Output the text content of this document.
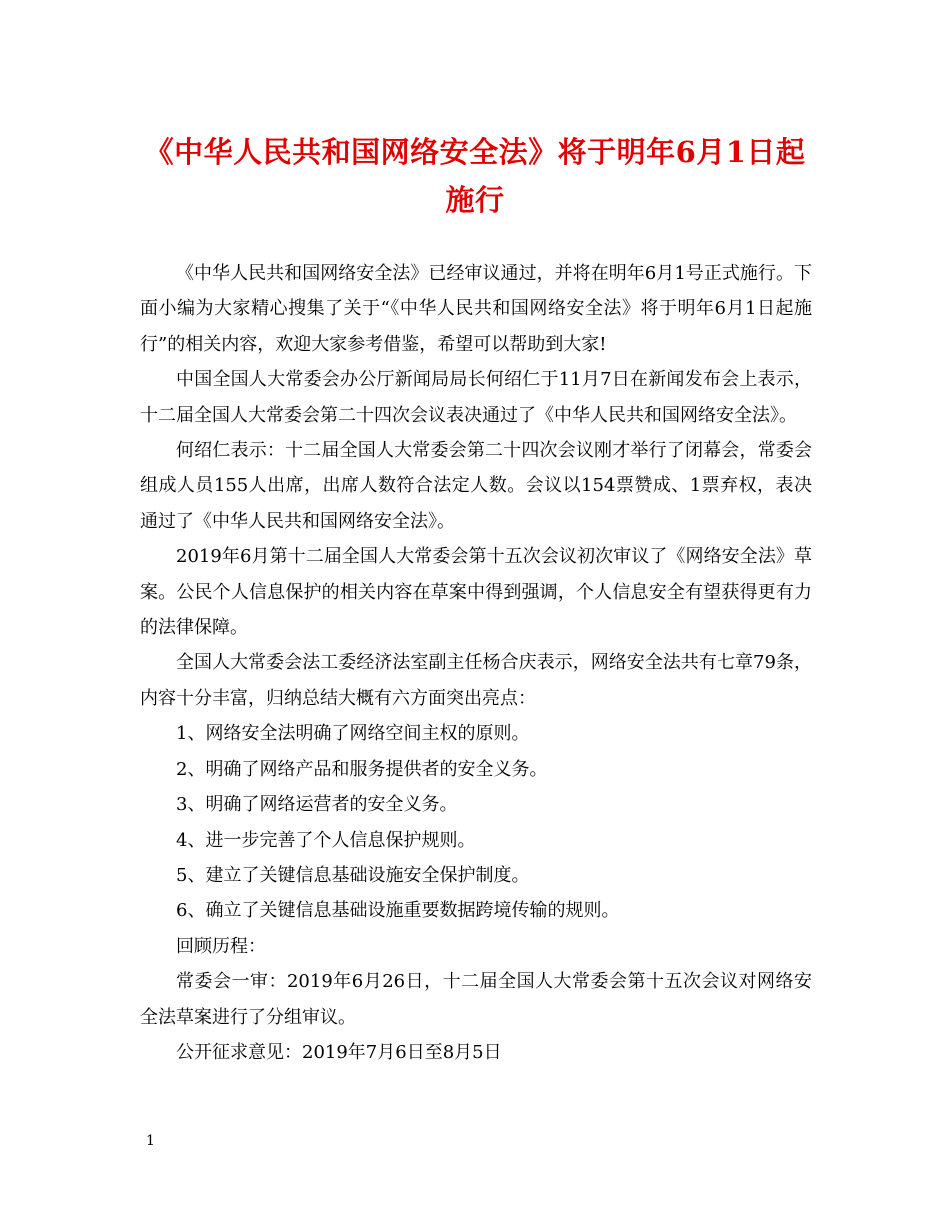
《中华人民共和国网络安全法》将于明年6月1日起施行

《中华人民共和国网络安全法》已经审议通过，并将在明年6月1号正式施行。下面小编为大家精心搜集了关于“《中华人民共和国网络安全法》将于明年6月1日起施行”的相关内容，欢迎大家参考借鉴，希望可以帮助到大家!

中国全国人大常委会办公厅新闻局局长何绍仁于11月7日在新闻发布会上表示，十二届全国人大常委会第二十四次会议表决通过了《中华人民共和国网络安全法》。

何绍仁表示：十二届全国人大常委会第二十四次会议刚才举行了闭幕会，常委会组成人员155人出席，出席人数符合法定人数。会议以154票赞成、1票弃权，表决通过了《中华人民共和国网络安全法》。

2019年6月第十二届全国人大常委会第十五次会议初次审议了《网络安全法》草案。公民个人信息保护的相关内容在草案中得到强调，个人信息安全有望获得更有力的法律保障。

全国人大常委会法工委经济法室副主任杨合庆表示，网络安全法共有七章79条，内容十分丰富，归纳总结大概有六方面突出亮点：

1、网络安全法明确了网络空间主权的原则。

2、明确了网络产品和服务提供者的安全义务。

3、明确了网络运营者的安全义务。

4、进一步完善了个人信息保护规则。

5、建立了关键信息基础设施安全保护制度。

6、确立了关键信息基础设施重要数据跨境传输的规则。

回顾历程：

常委会一审：2019年6月26日，十二届全国人大常委会第十五次会议对网络安全法草案进行了分组审议。

公开征求意见：2019年7月6日至8月5日

1
